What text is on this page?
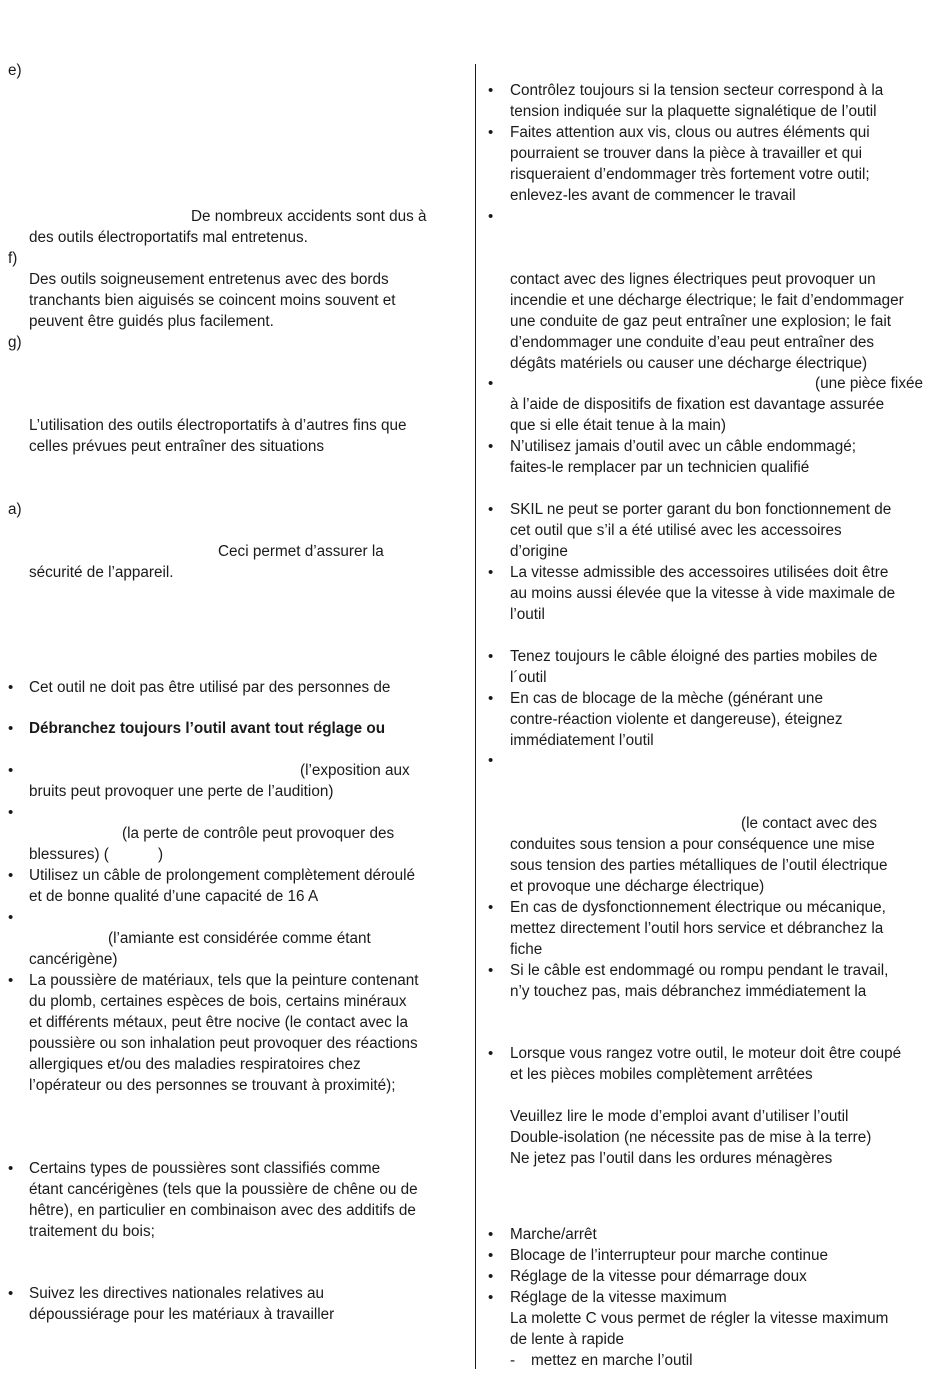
e)
De nombreux accidents sont dus à
des outils électroportatifs mal entretenus.
f)
Des outils soigneusement entretenus avec des bords
tranchants bien aiguisés se coincent moins souvent et
peuvent être guidés plus facilement.
g)
L’utilisation des outils électroportatifs à d’autres fins que
celles prévues peut entraîner des situations
a)
Ceci permet d’assurer la
sécurité de l’appareil.
• Cet outil ne doit pas être utilisé par des personnes de
• Débranchez toujours l’outil avant tout réglage ou
•	(l’exposition aux
bruits peut provoquer une perte de l’audition)
•
(la perte de contrôle peut provoquer des
blessures) (	)
• Utilisez un câble de prolongement complètement déroulé
et de bonne qualité d’une capacité de 16 A
•
(l’amiante est considérée comme étant
cancérigène)
• La poussière de matériaux, tels que la peinture contenant
du plomb, certaines espèces de bois, certains minéraux
et différents métaux, peut être nocive (le contact avec la
poussière ou son inhalation peut provoquer des réactions
allergiques et/ou des maladies respiratoires chez
l’opérateur ou des personnes se trouvant à proximité);
• Certains types de poussières sont classifiés comme
étant cancérigènes (tels que la poussière de chêne ou de
hêtre), en particulier en combinaison avec des additifs de
traitement du bois;
• Suivez les directives nationales relatives au
dépoussiérage pour les matériaux à travailler
• Contrôlez toujours si la tension secteur correspond à la
tension indiquée sur la plaquette signalétique de l’outil
• Faites attention aux vis, clous ou autres éléments qui
pourraient se trouver dans la pièce à travailler et qui
risqueraient d’endommager très fortement votre outil;
enlevez-les avant de commencer le travail
•
contact avec des lignes électriques peut provoquer un
incendie et une décharge électrique; le fait d’endommager
une conduite de gaz peut entraîner une explosion; le fait
d’endommager une conduite d’eau peut entraîner des
dégâts matériels ou causer une décharge électrique)
•	(une pièce fixée
à l’aide de dispositifs de fixation est davantage assurée
que si elle était tenue à la main)
• N’utilisez jamais d’outil avec un câble endommagé;
faites-le remplacer par un technicien qualifié
• SKIL ne peut se porter garant du bon fonctionnement de
cet outil que s’il a été utilisé avec les accessoires
d’origine
• La vitesse admissible des accessoires utilisées doit être
au moins aussi élevée que la vitesse à vide maximale de
l’outil
• Tenez toujours le câble éloigné des parties mobiles de
l´outil
• En cas de blocage de la mèche (générant une
contre-réaction violente et dangereuse), éteignez
immédiatement l’outil
•
(le contact avec des
conduites sous tension a pour conséquence une mise
sous tension des parties métalliques de l’outil électrique
et provoque une décharge électrique)
• En cas de dysfonctionnement électrique ou mécanique,
mettez directement l’outil hors service et débranchez la
fiche
• Si le câble est endommagé ou rompu pendant le travail,
n’y touchez pas, mais débranchez immédiatement la
• Lorsque vous rangez votre outil, le moteur doit être coupé
et les pièces mobiles complètement arrêtées
Veuillez lire le mode d’emploi avant d’utiliser l’outil
Double-isolation (ne nécessite pas de mise à la terre)
Ne jetez pas l’outil dans les ordures ménagères
• Marche/arrêt
• Blocage de l’interrupteur pour marche continue
• Réglage de la vitesse pour démarrage doux
• Réglage de la vitesse maximum
La molette C vous permet de régler la vitesse maximum
de lente à rapide
- mettez en marche l’outil
